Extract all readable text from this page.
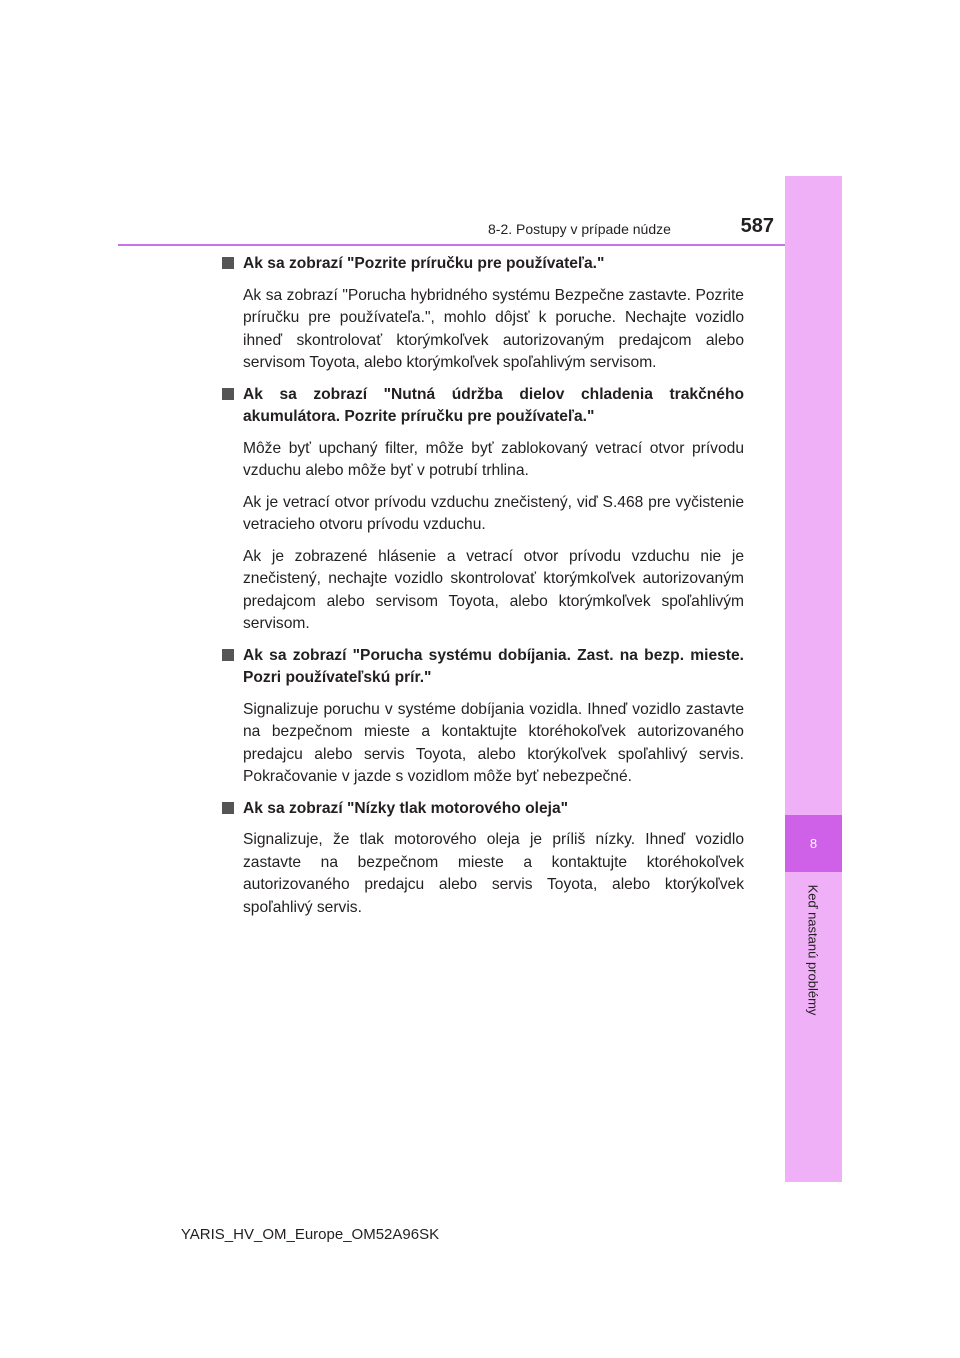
8-2. Postupy v prípade núdze	587
8
Keď nastanú problémy

Ak sa zobrazí "Pozrite príručku pre používateľa."

Ak sa zobrazí "Porucha hybridného systému Bezpečne zastavte. Pozrite príručku pre používateľa.", mohlo dôjsť k poruche. Nechajte vozidlo ihneď skontrolovať ktorýmkoľvek autorizovaným predajcom alebo servisom Toyota, alebo ktorýmkoľvek spoľahlivým servisom.

Ak sa zobrazí "Nutná údržba dielov chladenia trakčného akumulátora. Pozrite príručku pre používateľa."

Môže byť upchaný filter, môže byť zablokovaný vetrací otvor prívodu vzduchu alebo môže byť v potrubí trhlina.

Ak je vetrací otvor prívodu vzduchu znečistený, viď S.468 pre vyčistenie vetracieho otvoru prívodu vzduchu.

Ak je zobrazené hlásenie a vetrací otvor prívodu vzduchu nie je znečistený, nechajte vozidlo skontrolovať ktorýmkoľvek autorizovaným predajcom alebo servisom Toyota, alebo ktorýmkoľvek spoľahlivým servisom.

Ak sa zobrazí "Porucha systému dobíjania. Zast. na bezp. mieste. Pozri používateľskú prír."

Signalizuje poruchu v systéme dobíjania vozidla. Ihneď vozidlo zastavte na bezpečnom mieste a kontaktujte ktoréhokoľvek autorizovaného predajcu alebo servis Toyota, alebo ktorýkoľvek spoľahlivý servis. Pokračovanie v jazde s vozidlom môže byť nebezpečné.

Ak sa zobrazí "Nízky tlak motorového oleja"

Signalizuje, že tlak motorového oleja je príliš nízky. Ihneď vozidlo zastavte na bezpečnom mieste a kontaktujte ktoréhokoľvek autorizovaného predajcu alebo servis Toyota, alebo ktorýkoľvek spoľahlivý servis.

YARIS_HV_OM_Europe_OM52A96SK
